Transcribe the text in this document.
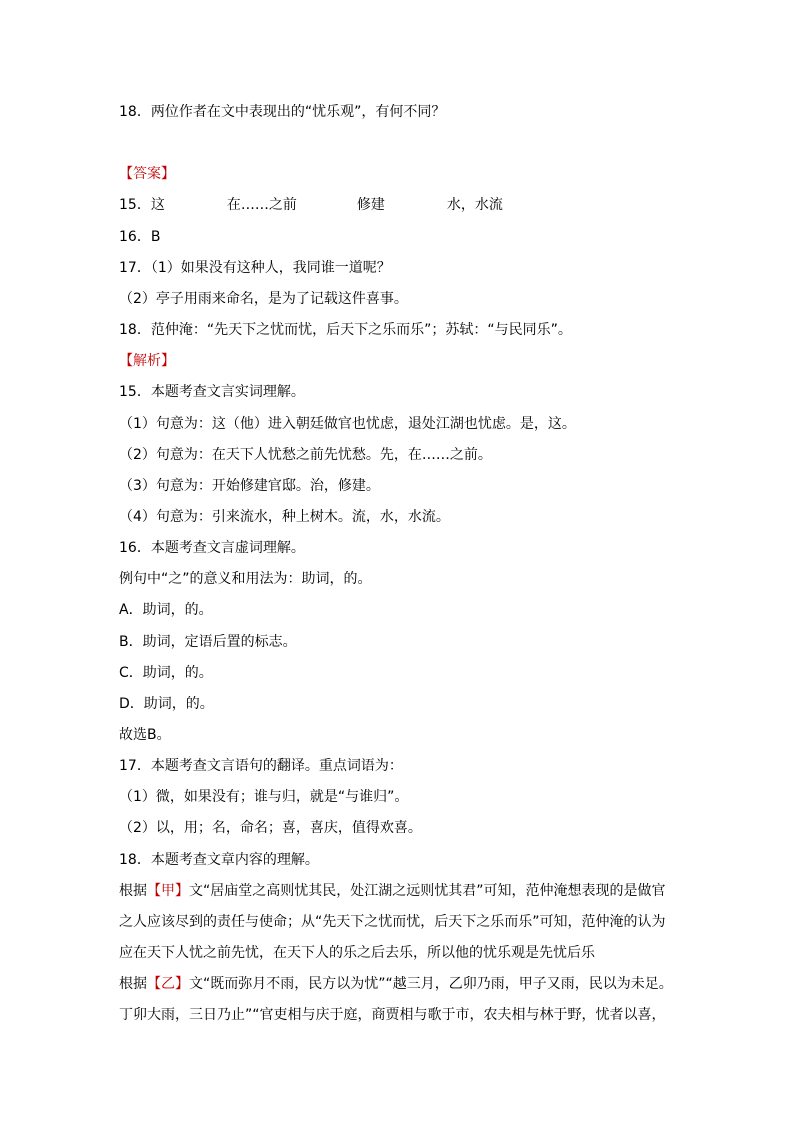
18．两位作者在文中表现出的“忧乐观”，有何不同？
【答案】
15．这	在……之前	修建	水，水流
16．B
17．（1）如果没有这种人，我同谁一道呢？
（2）亭子用雨来命名，是为了记载这件喜事。
18．范仲淹：“先天下之忧而忧，后天下之乐而乐”；苏轼：“与民同乐”。
【解析】
15．本题考查文言实词理解。
（1）句意为：这（他）进入朝廷做官也忧虑，退处江湖也忧虑。是，这。
（2）句意为：在天下人忧愁之前先忧愁。先，在……之前。
（3）句意为：开始修建官邸。治，修建。
（4）句意为：引来流水，种上树木。流，水，水流。
16．本题考查文言虚词理解。
例句中“之”的意义和用法为：助词，的。
A．助词，的。
B．助词，定语后置的标志。
C．助词，的。
D．助词，的。
故选B。
17．本题考查文言语句的翻译。重点词语为：
（1）微，如果没有；谁与归，就是“与谁归”。
（2）以，用；名，命名；喜，喜庆，值得欢喜。
18．本题考查文章内容的理解。
根据【甲】文“居庙堂之高则忧其民，处江湖之远则忧其君”可知，范仲淹想表现的是做官
之人应该尽到的责任与使命；从“先天下之忧而忧，后天下之乐而乐”可知，范仲淹的认为
应在天下人忧之前先忧，在天下人的乐之后去乐，所以他的忧乐观是先忧后乐
根据【乙】文“既而弥月不雨，民方以为忧”“越三月，乙卯乃雨，甲子又雨，民以为未足。
丁卯大雨，三日乃止”“官吏相与庆于庭，商贾相与歌于市，农夫相与林于野，忧者以喜，
